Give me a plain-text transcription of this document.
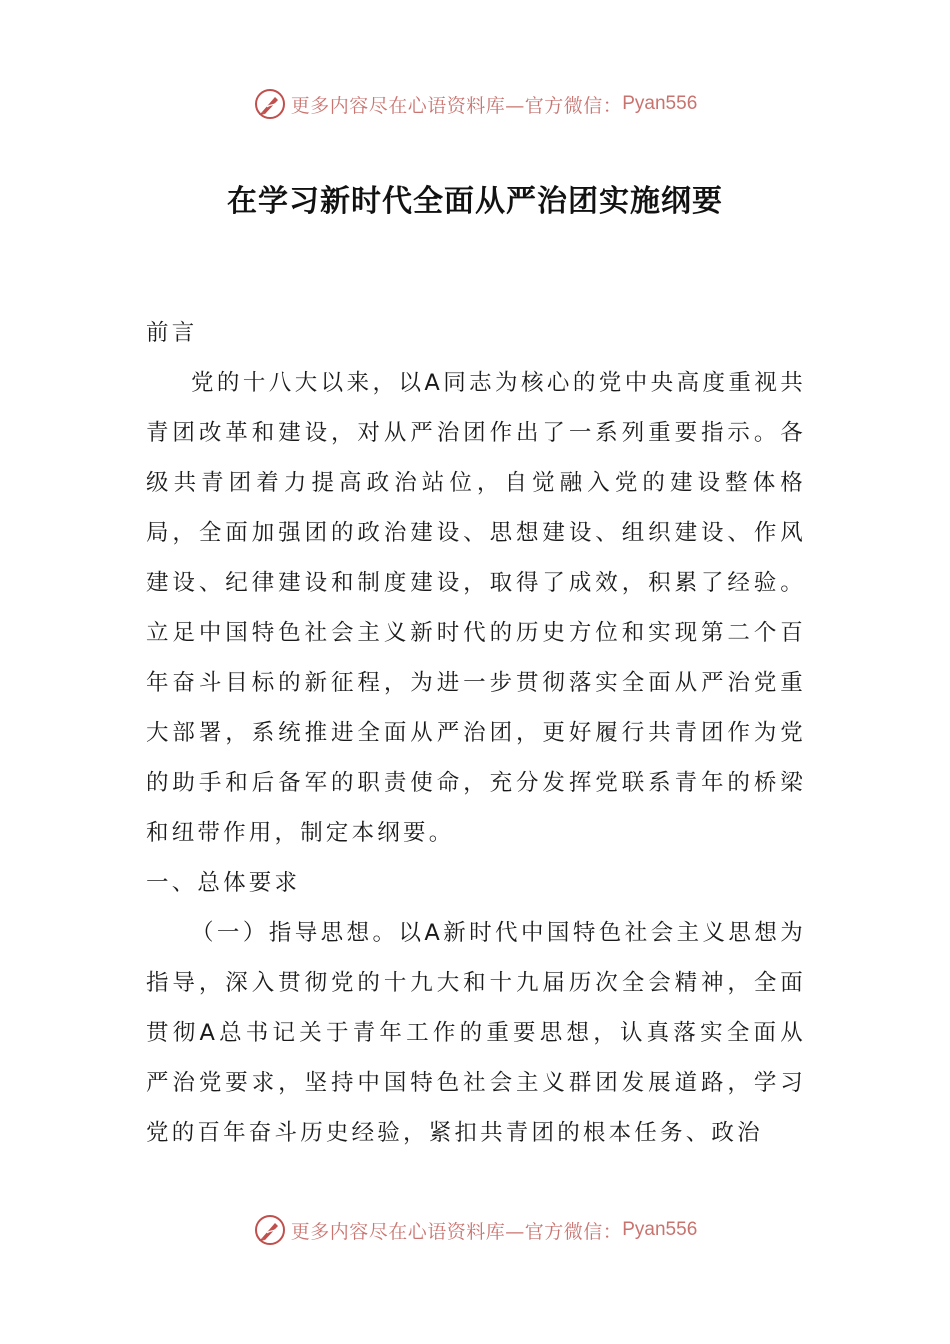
更多内容尽在心语资料库—官方微信： Pyan556
在学习新时代全面从严治团实施纲要

前言

党的十八大以来，以A同志为核心的党中央高度重视共青团改革和建设，对从严治团作出了一系列重要指示。各级共青团着力提高政治站位，自觉融入党的建设整体格局，全面加强团的政治建设、思想建设、组织建设、作风建设、纪律建设和制度建设，取得了成效，积累了经验。立足中国特色社会主义新时代的历史方位和实现第二个百年奋斗目标的新征程，为进一步贯彻落实全面从严治党重大部署，系统推进全面从严治团，更好履行共青团作为党的助手和后备军的职责使命，充分发挥党联系青年的桥梁和纽带作用，制定本纲要。

一、总体要求

（一）指导思想。以A新时代中国特色社会主义思想为指导，深入贯彻党的十九大和十九届历次全会精神，全面贯彻A总书记关于青年工作的重要思想，认真落实全面从严治党要求，坚持中国特色社会主义群团发展道路，学习党的百年奋斗历史经验，紧扣共青团的根本任务、政治

更多内容尽在心语资料库—官方微信： Pyan556
